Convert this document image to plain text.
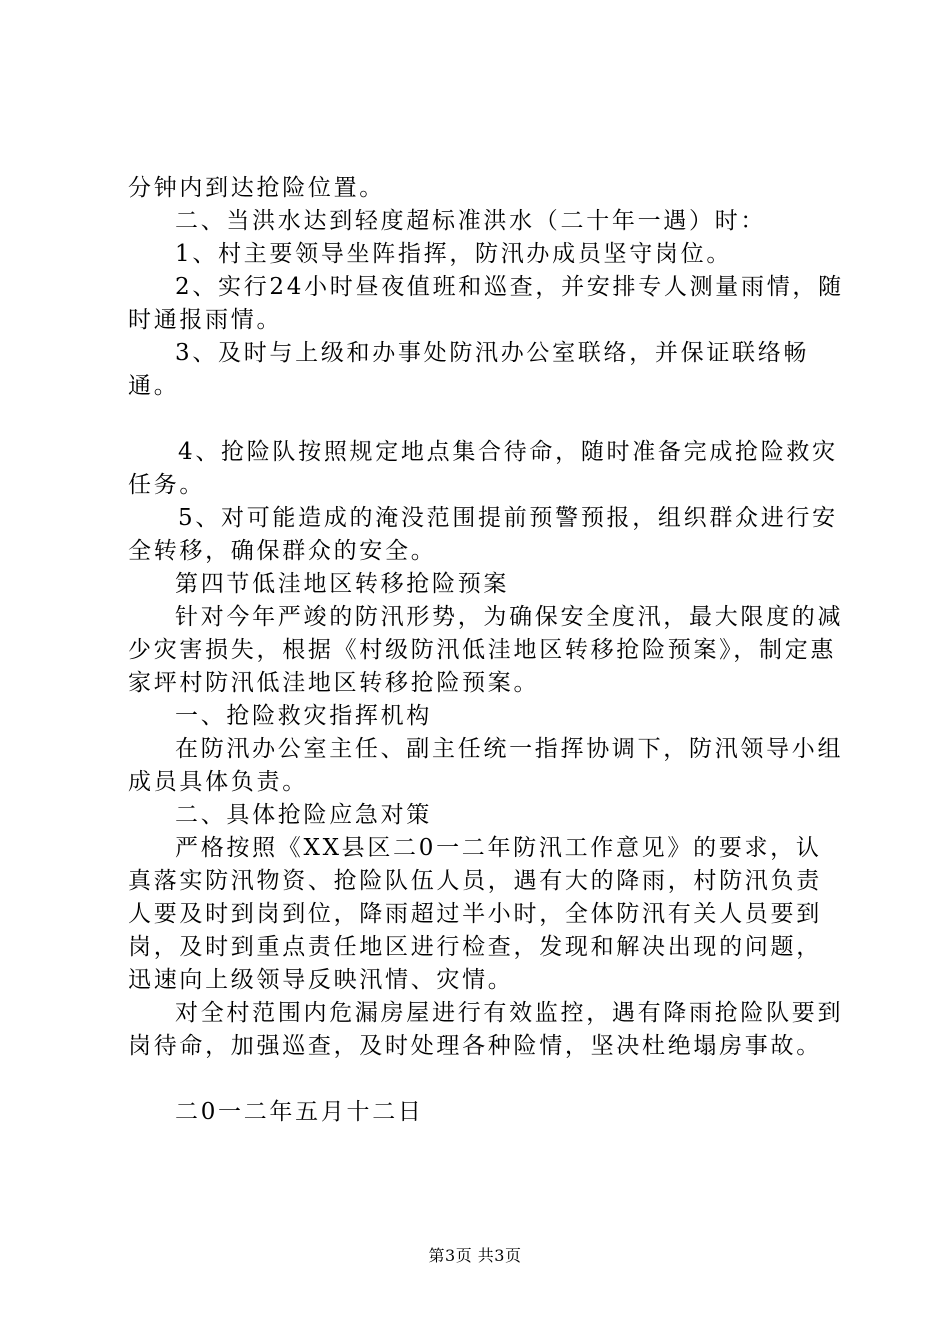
分钟内到达抢险位置。

二、当洪水达到轻度超标准洪水（二十年一遇）时：

1、村主要领导坐阵指挥，防汛办成员坚守岗位。

2、实行24小时昼夜值班和巡查，并安排专人测量雨情，随时通报雨情。

3、及时与上级和办事处防汛办公室联络，并保证联络畅通。

4、抢险队按照规定地点集合待命，随时准备完成抢险救灾任务。

5、对可能造成的淹没范围提前预警预报，组织群众进行安全转移，确保群众的安全。

第四节低洼地区转移抢险预案

针对今年严竣的防汛形势，为确保安全度汛，最大限度的减少灾害损失，根据《村级防汛低洼地区转移抢险预案》，制定惠家坪村防汛低洼地区转移抢险预案。

一、抢险救灾指挥机构

在防汛办公室主任、副主任统一指挥协调下，防汛领导小组成员具体负责。

二、具体抢险应急对策

严格按照《XX县区二0一二年防汛工作意见》的要求，认真落实防汛物资、抢险队伍人员，遇有大的降雨，村防汛负责人要及时到岗到位，降雨超过半小时，全体防汛有关人员要到岗，及时到重点责任地区进行检查，发现和解决出现的问题，迅速向上级领导反映汛情、灾情。

对全村范围内危漏房屋进行有效监控，遇有降雨抢险队要到岗待命，加强巡查，及时处理各种险情，坚决杜绝塌房事故。

二0一二年五月十二日

第3页 共3页
